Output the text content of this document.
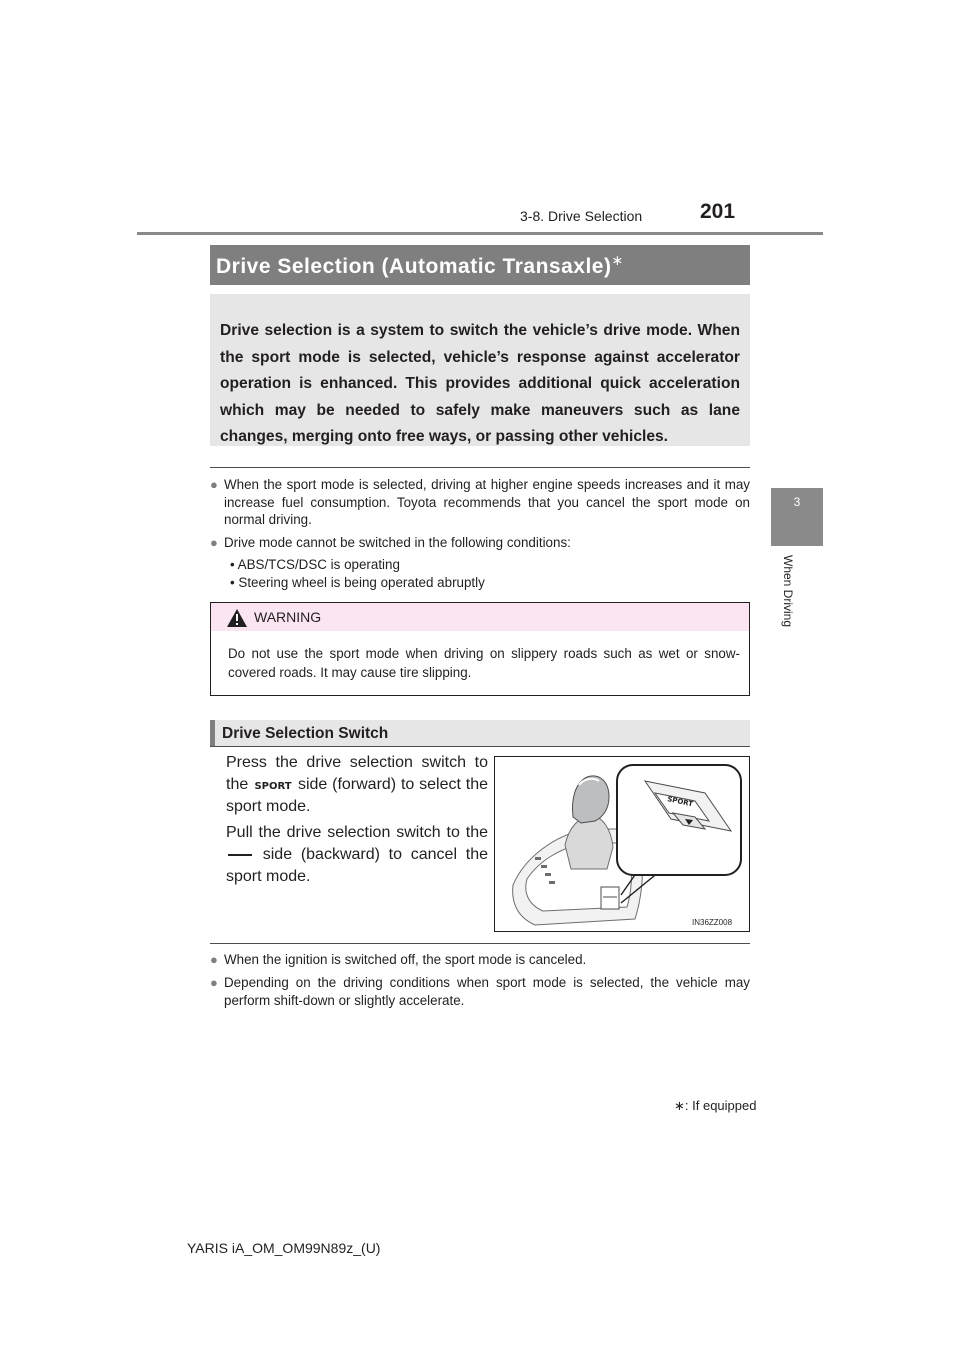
3-8. Drive Selection	201
3
When Driving
Drive Selection (Automatic Transaxle)∗
Drive selection is a system to switch the vehicle’s drive mode. When the sport mode is selected, vehicle’s response against accelerator operation is enhanced. This provides additional quick acceleration which may be needed to safely make maneuvers such as lane changes, merging onto free ways, or passing other vehicles.
● When the sport mode is selected, driving at higher engine speeds increases and it may increase fuel consumption. Toyota recommends that you cancel the sport mode on normal driving.
● Drive mode cannot be switched in the following conditions:
• ABS/TCS/DSC is operating
• Steering wheel is being operated abruptly
WARNING
Do not use the sport mode when driving on slippery roads such as wet or snow-covered roads. It may cause tire slipping.
Drive Selection Switch
Press the drive selection switch to the SPORT side (forward) to select the sport mode.
Pull the drive selection switch to the  side (backward) to cancel the sport mode.
SPORT
IN36ZZ008
● When the ignition is switched off, the sport mode is canceled.
● Depending on the driving conditions when sport mode is selected, the vehicle may perform shift-down or slightly accelerate.
∗: If equipped
YARIS iA_OM_OM99N89z_(U)
